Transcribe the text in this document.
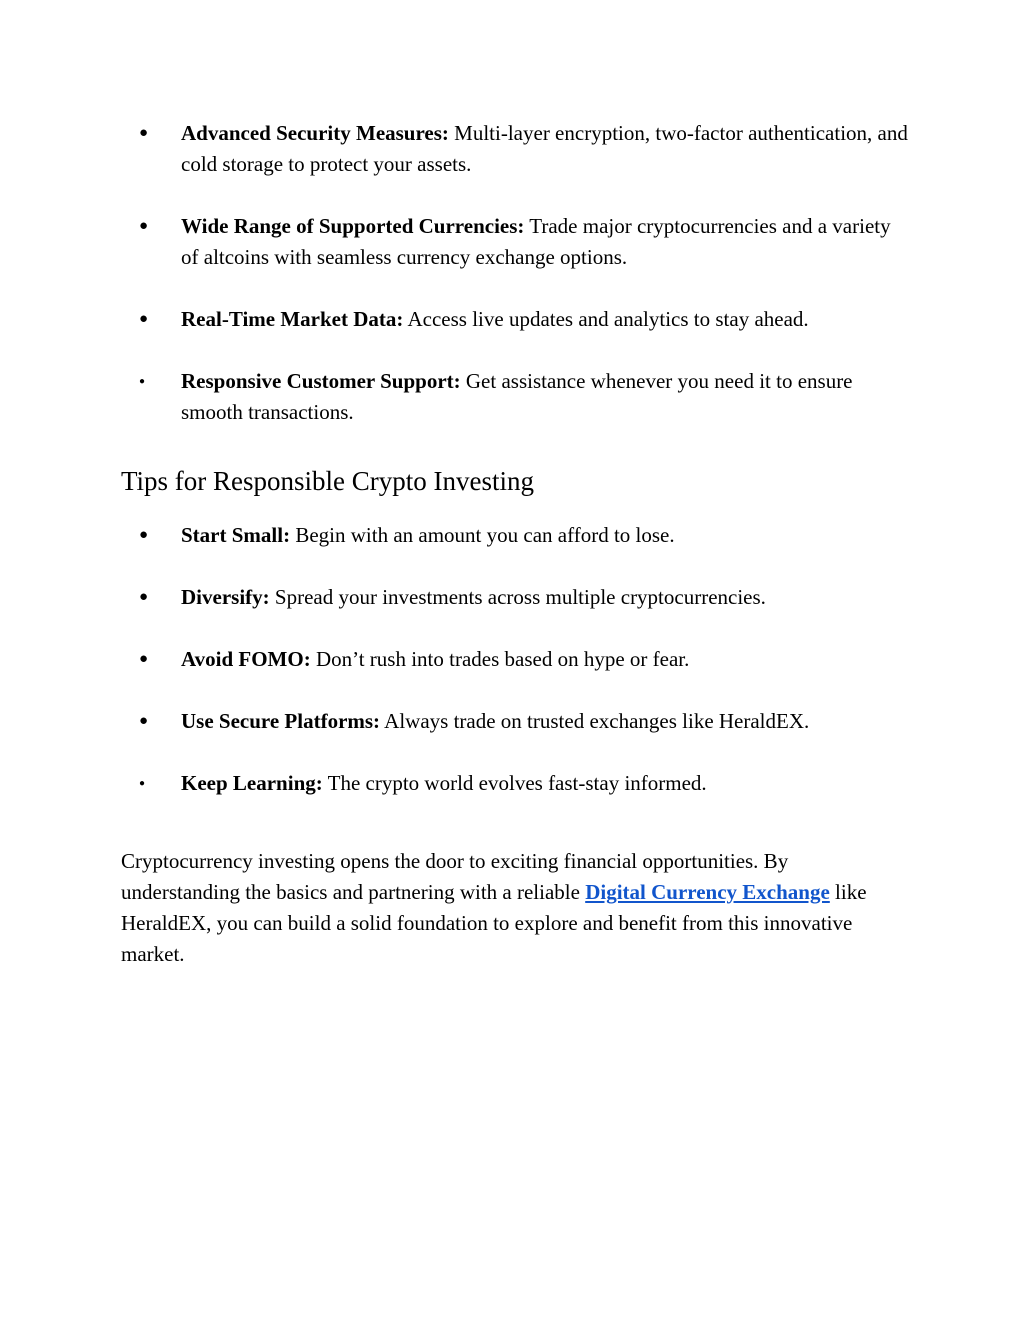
● Advanced Security Measures: Multi-layer encryption, two-factor authentication, and cold storage to protect your assets.
● Wide Range of Supported Currencies: Trade major cryptocurrencies and a variety of altcoins with seamless currency exchange options.
● Real-Time Market Data: Access live updates and analytics to stay ahead.
● Responsive Customer Support: Get assistance whenever you need it to ensure smooth transactions.
Tips for Responsible Crypto Investing
● Start Small: Begin with an amount you can afford to lose.
● Diversify: Spread your investments across multiple cryptocurrencies.
● Avoid FOMO: Don’t rush into trades based on hype or fear.
● Use Secure Platforms: Always trade on trusted exchanges like HeraldEX.
● Keep Learning: The crypto world evolves fast-stay informed.

Cryptocurrency investing opens the door to exciting financial opportunities. By understanding the basics and partnering with a reliable Digital Currency Exchange like HeraldEX, you can build a solid foundation to explore and benefit from this innovative market.
